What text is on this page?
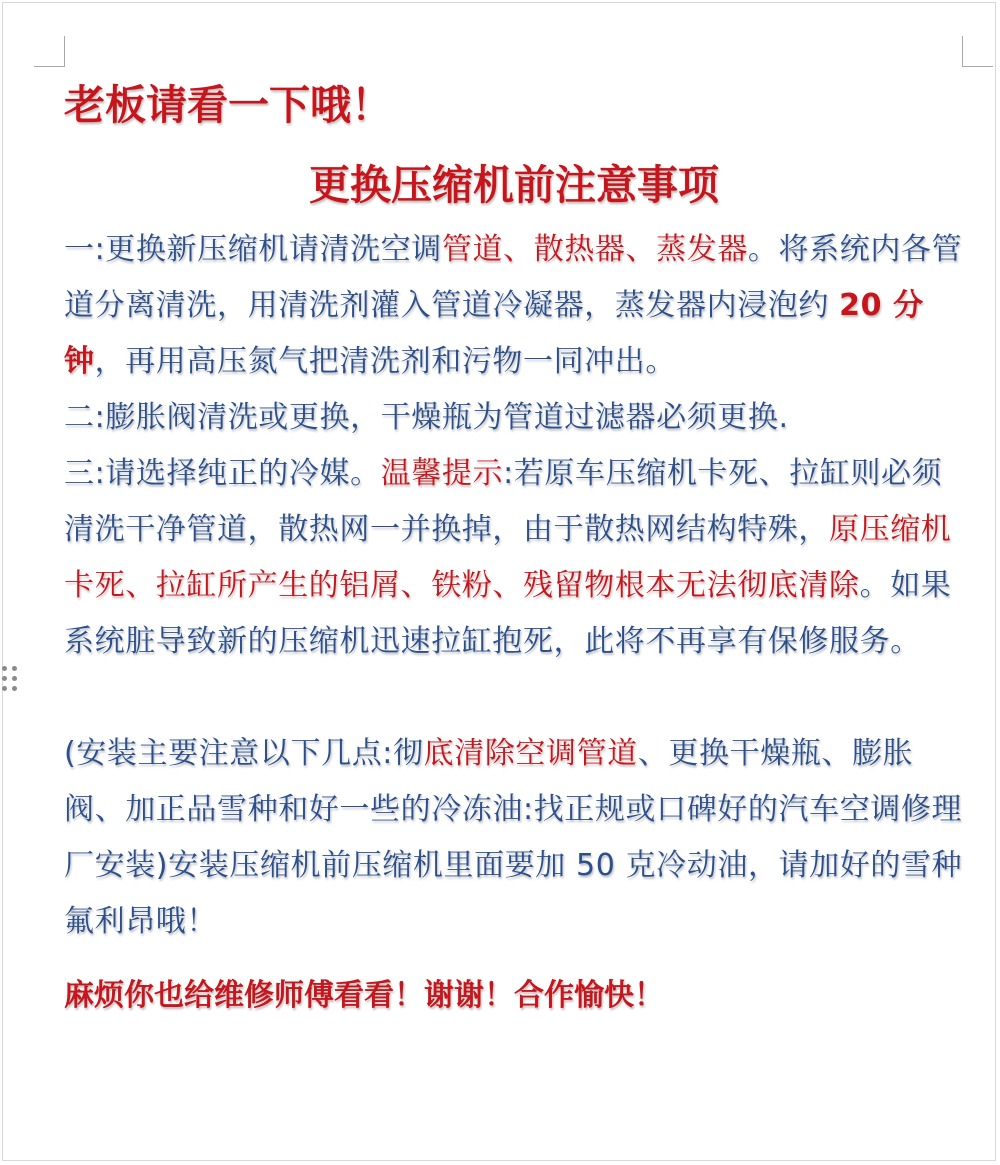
老板请看一下哦！
更换压缩机前注意事项
一:更换新压缩机请清洗空调管道、散热器、蒸发器。将系统内各管道分离清洗，用清洗剂灌入管道冷凝器，蒸发器内浸泡约 20 分钟，再用高压氮气把清洗剂和污物一同冲出。
二:膨胀阀清洗或更换，干燥瓶为管道过滤器必须更换.
三:请选择纯正的冷媒。温馨提示:若原车压缩机卡死、拉缸则必须清洗干净管道，散热网一并换掉，由于散热网结构特殊，原压缩机卡死、拉缸所产生的铝屑、铁粉、残留物根本无法彻底清除。如果系统脏导致新的压缩机迅速拉缸抱死，此将不再享有保修服务。
(安装主要注意以下几点:彻底清除空调管道、更换干燥瓶、膨胀阀、加正品雪种和好一些的冷冻油:找正规或口碑好的汽车空调修理厂安装)安装压缩机前压缩机里面要加 50 克冷动油，请加好的雪种氟利昂哦！
麻烦你也给维修师傅看看！谢谢！合作愉快！
